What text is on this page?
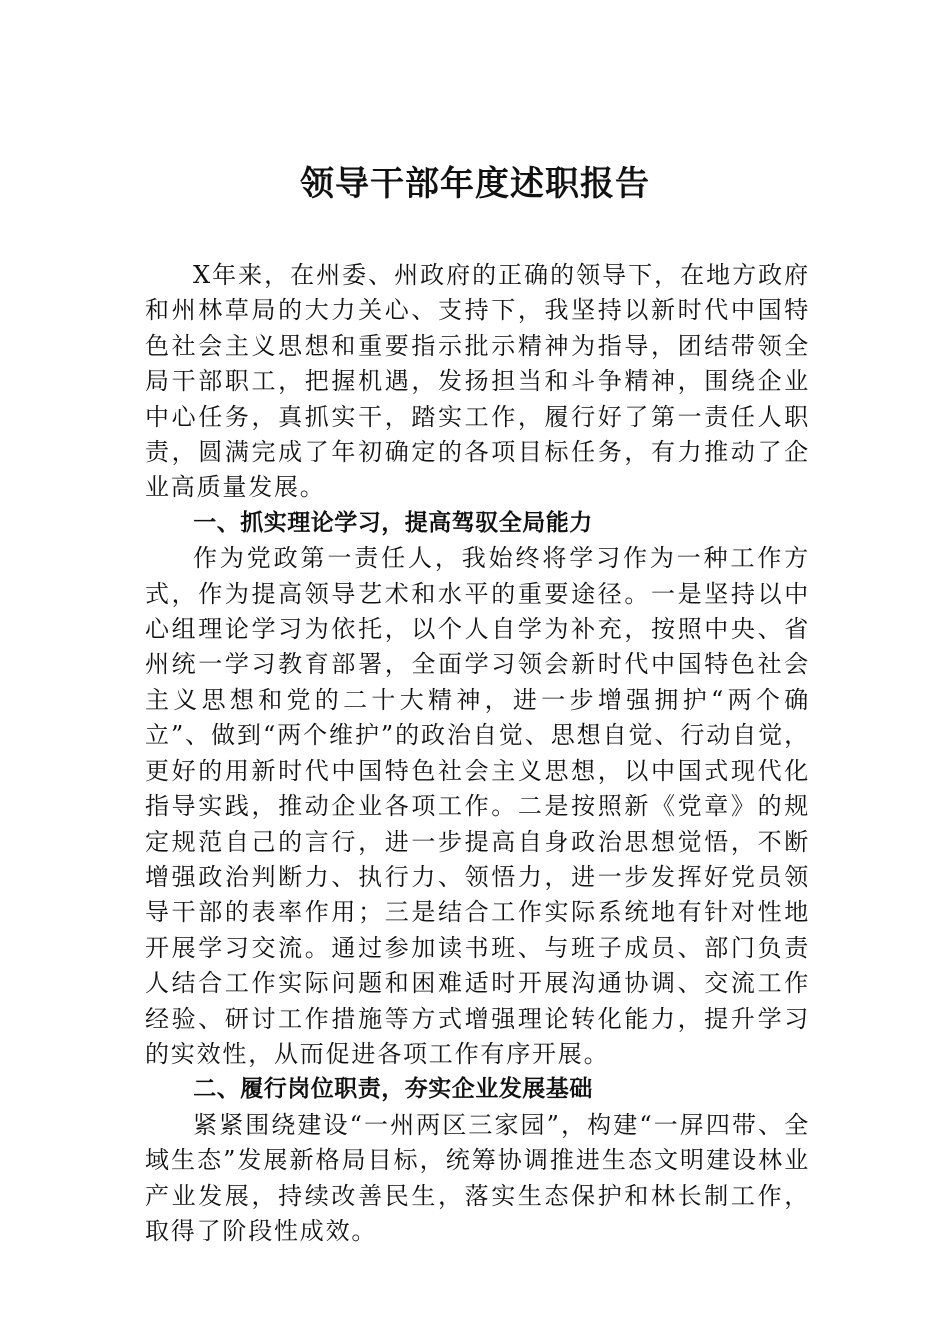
领导干部年度述职报告

X年来，在州委、州政府的正确的领导下，在地方政府和州林草局的大力关心、支持下，我坚持以新时代中国特色社会主义思想和重要指示批示精神为指导，团结带领全局干部职工，把握机遇，发扬担当和斗争精神，围绕企业中心任务，真抓实干，踏实工作，履行好了第一责任人职责，圆满完成了年初确定的各项目标任务，有力推动了企业高质量发展。

一、抓实理论学习，提高驾驭全局能力

作为党政第一责任人，我始终将学习作为一种工作方式，作为提高领导艺术和水平的重要途径。一是坚持以中心组理论学习为依托，以个人自学为补充，按照中央、省州统一学习教育部署，全面学习领会新时代中国特色社会主义思想和党的二十大精神，进一步增强拥护“两个确立”、做到“两个维护”的政治自觉、思想自觉、行动自觉，更好的用新时代中国特色社会主义思想，以中国式现代化指导实践，推动企业各项工作。二是按照新《党章》的规定规范自己的言行，进一步提高自身政治思想觉悟，不断增强政治判断力、执行力、领悟力，进一步发挥好党员领导干部的表率作用；三是结合工作实际系统地有针对性地开展学习交流。通过参加读书班、与班子成员、部门负责人结合工作实际问题和困难适时开展沟通协调、交流工作经验、研讨工作措施等方式增强理论转化能力，提升学习的实效性，从而促进各项工作有序开展。

二、履行岗位职责，夯实企业发展基础

紧紧围绕建设“一州两区三家园”，构建“一屏四带、全域生态”发展新格局目标，统筹协调推进生态文明建设林业产业发展，持续改善民生，落实生态保护和林长制工作，取得了阶段性成效。
